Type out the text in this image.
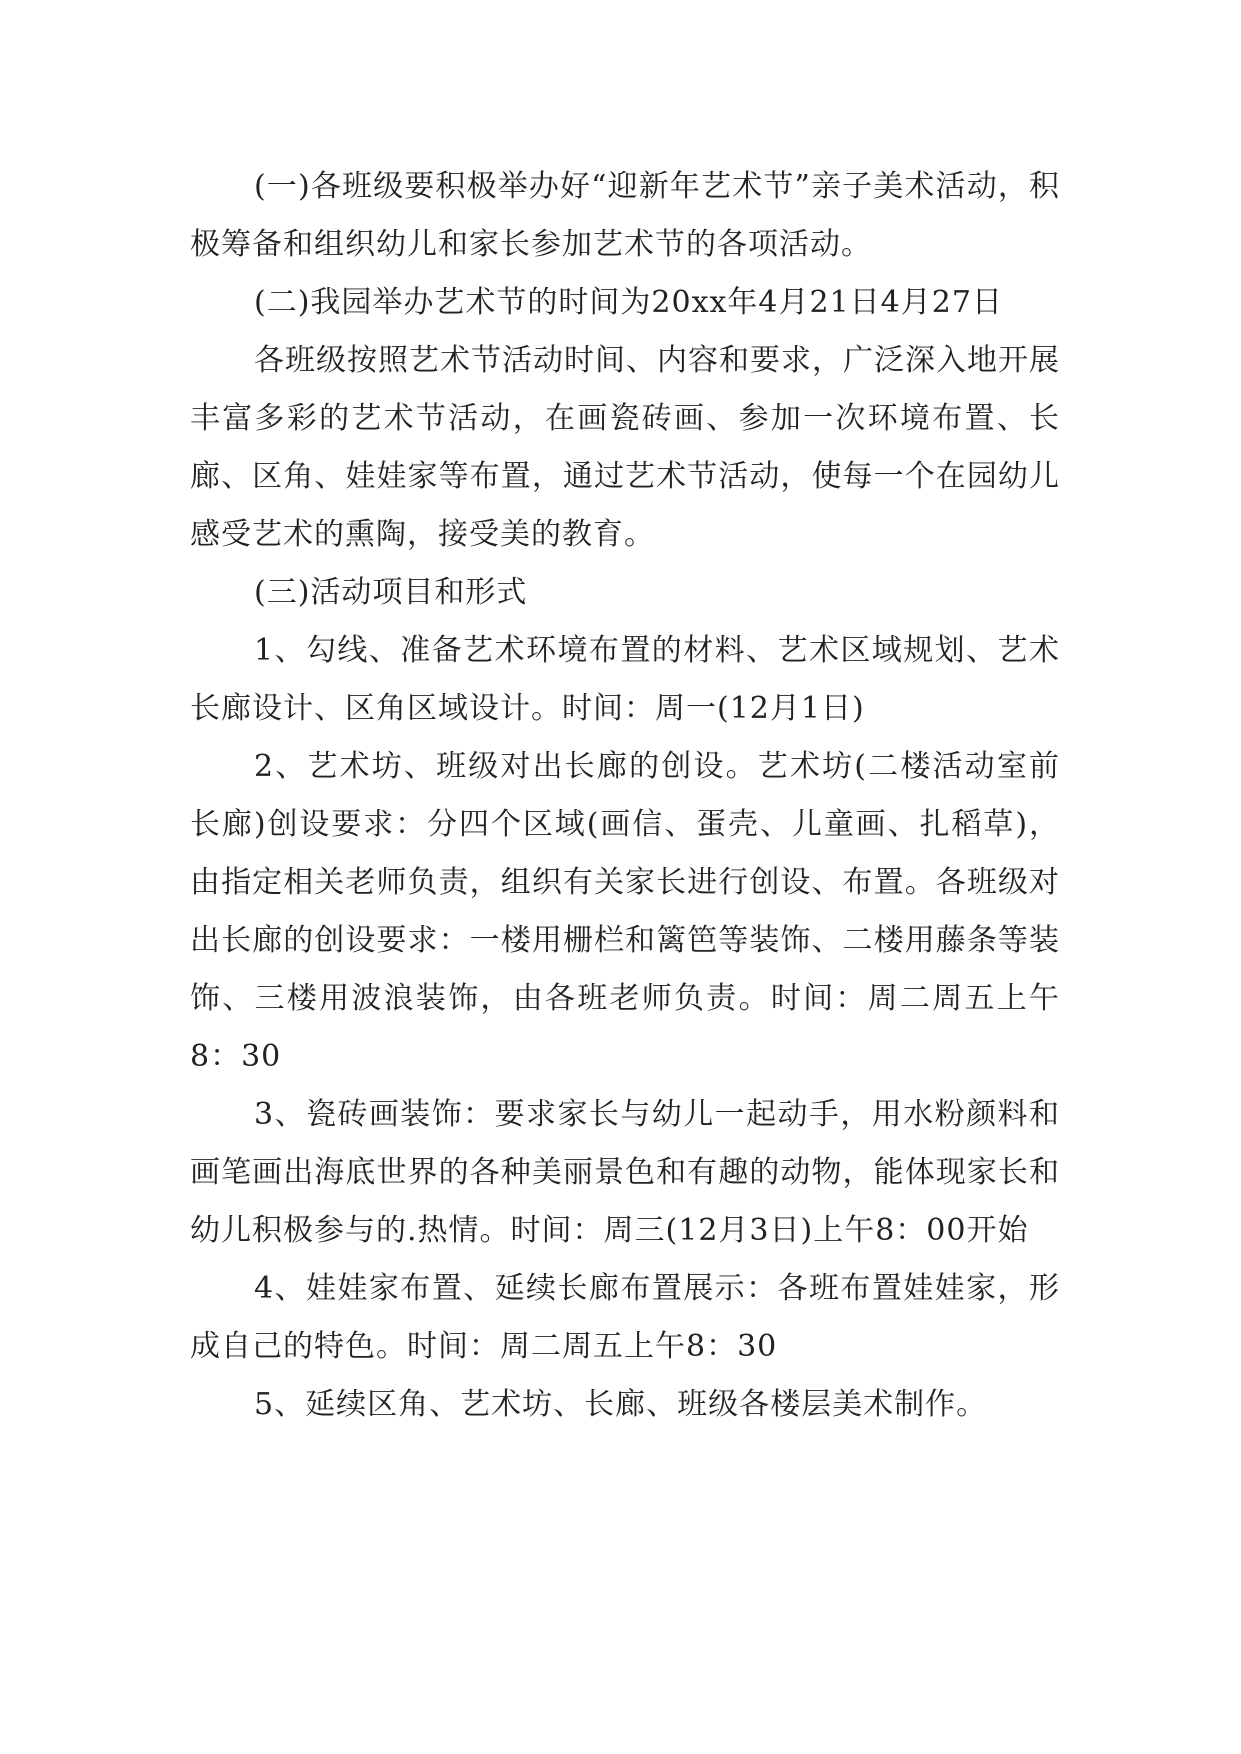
(一)各班级要积极举办好“迎新年艺术节”亲子美术活动，积极筹备和组织幼儿和家长参加艺术节的各项活动。

(二)我园举办艺术节的时间为20xx年4月21日4月27日

各班级按照艺术节活动时间、内容和要求，广泛深入地开展丰富多彩的艺术节活动，在画瓷砖画、参加一次环境布置、长廊、区角、娃娃家等布置，通过艺术节活动，使每一个在园幼儿感受艺术的熏陶，接受美的教育。

(三)活动项目和形式

1、勾线、准备艺术环境布置的材料、艺术区域规划、艺术长廊设计、区角区域设计。时间：周一(12月1日)

2、艺术坊、班级对出长廊的创设。艺术坊(二楼活动室前长廊)创设要求：分四个区域(画信、蛋壳、儿童画、扎稻草)，由指定相关老师负责，组织有关家长进行创设、布置。各班级对出长廊的创设要求：一楼用栅栏和篱笆等装饰、二楼用藤条等装饰、三楼用波浪装饰，由各班老师负责。时间：周二周五上午8：30

3、瓷砖画装饰：要求家长与幼儿一起动手，用水粉颜料和画笔画出海底世界的各种美丽景色和有趣的动物，能体现家长和幼儿积极参与的.热情。时间：周三(12月3日)上午8：00开始

4、娃娃家布置、延续长廊布置展示：各班布置娃娃家，形成自己的特色。时间：周二周五上午8：30

5、延续区角、艺术坊、长廊、班级各楼层美术制作。
